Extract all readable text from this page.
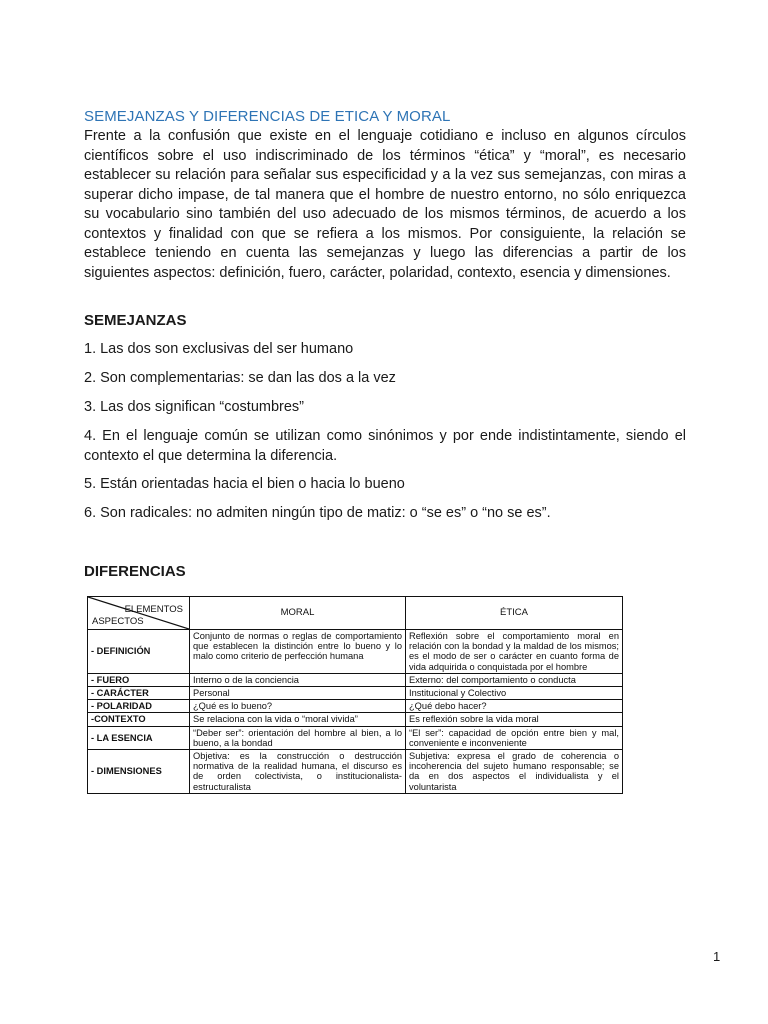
SEMEJANZAS Y DIFERENCIAS DE ETICA Y MORAL

Frente a la confusión que existe en el lenguaje cotidiano e incluso en algunos círculos científicos sobre el uso indiscriminado de los términos “ética” y “moral”, es necesario establecer su relación para señalar sus especificidad y a la vez sus semejanzas, con miras a superar dicho impase, de tal manera que el hombre de nuestro entorno, no sólo enriquezca su vocabulario sino también del uso adecuado de los mismos términos, de acuerdo a los contextos y finalidad con que se refiera a los mismos. Por consiguiente, la relación se establece teniendo en cuenta las semejanzas y luego las diferencias a partir de los siguientes aspectos: definición, fuero, carácter, polaridad, contexto, esencia y dimensiones.

SEMEJANZAS

1. Las dos son exclusivas del ser humano

2. Son complementarias: se dan las dos a la vez

3. Las dos significan “costumbres”

4. En el lenguaje común se utilizan como sinónimos y por ende indistintamente, siendo el contexto el que determina la diferencia.

5. Están orientadas hacia el bien o hacia lo bueno

6. Son radicales: no admiten ningún tipo de matiz: o “se es” o “no se es”.

DIFERENCIAS

ELEMENTOS
ASPECTOS	MORAL	ÉTICA
- DEFINICIÓN	Conjunto de normas o reglas de comportamiento que establecen la distinción entre lo bueno y lo malo como criterio de perfección humana	Reflexión sobre el comportamiento moral en relación con la bondad y la maldad de los mismos; es el modo de ser o carácter en cuanto forma de vida adquirida o conquistada por el hombre
- FUERO	Interno o de la conciencia	Externo: del comportamiento o conducta
- CARÁCTER	Personal	Institucional y Colectivo
- POLARIDAD	¿Qué es lo bueno?	¿Qué debo hacer?
-CONTEXTO	Se relaciona con la vida o “moral vivida”	Es reflexión sobre la vida moral
- LA ESENCIA	“Deber ser”: orientación del hombre al bien, a lo bueno, a la bondad	“El ser”: capacidad de opción entre bien y mal, conveniente e inconveniente
- DIMENSIONES	Objetiva: es la construcción o destrucción normativa de la realidad humana, el discurso es de orden colectivista, o institucionalista-estructuralista	Subjetiva: expresa el grado de coherencia o incoherencia del sujeto humano responsable; se da en dos aspectos el individualista y el voluntarista
1
